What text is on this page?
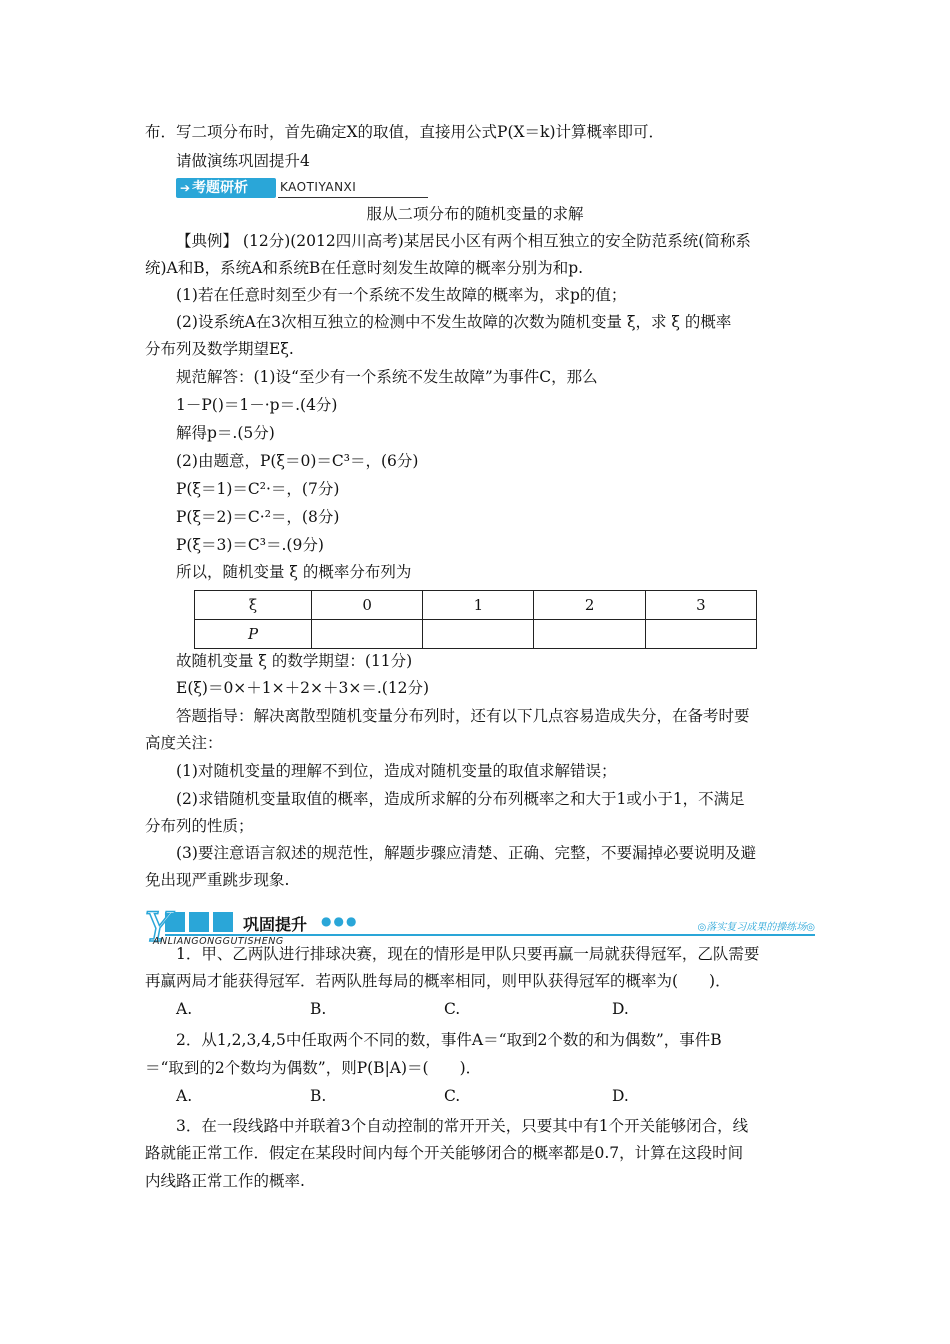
布．写二项分布时，首先确定X的取值，直接用公式P(X＝k)计算概率即可．
请做演练巩固提升4
➔ 考题研析	KAOTIYANXI
服从二项分布的随机变量的求解
【典例】 (12分)(2012四川高考)某居民小区有两个相互独立的安全防范系统(简称系
统)A和B，系统A和系统B在任意时刻发生故障的概率分别为和p.
(1)若在任意时刻至少有一个系统不发生故障的概率为，求p的值；
(2)设系统A在3次相互独立的检测中不发生故障的次数为随机变量 ξ，求 ξ 的概率
分布列及数学期望Eξ.
规范解答：(1)设“至少有一个系统不发生故障”为事件C，那么
1－P()＝1－·p＝.(4分)
解得p＝.(5分)
(2)由题意，P(ξ＝0)＝C³＝，(6分)
P(ξ＝1)＝C²·＝，(7分)
P(ξ＝2)＝C·²＝，(8分)
P(ξ＝3)＝C³＝.(9分)
所以，随机变量 ξ 的概率分布列为
ξ	0	1	2	3
P				
故随机变量 ξ 的数学期望：(11分)
E(ξ)＝0×＋1×＋2×＋3×＝.(12分)
答题指导：解决离散型随机变量分布列时，还有以下几点容易造成失分，在备考时要
高度关注：
(1)对随机变量的理解不到位，造成对随机变量的取值求解错误；
(2)求错随机变量取值的概率，造成所求解的分布列概率之和大于1或小于1，不满足
分布列的性质；
(3)要注意语言叙述的规范性，解题步骤应清楚、正确、完整，不要漏掉必要说明及避
免出现严重跳步现象.
Y	巩固提升 ●●●	◎落实复习成果的操练场◎
ANLIANGONGGUTISHENG
1．甲、乙两队进行排球决赛，现在的情形是甲队只要再赢一局就获得冠军，乙队需要
再赢两局才能获得冠军．若两队胜每局的概率相同，则甲队获得冠军的概率为(　　)．
A.	B.	C.	D.
2．从1,2,3,4,5中任取两个不同的数，事件A＝“取到2个数的和为偶数”，事件B
＝“取到的2个数均为偶数”，则P(B|A)＝(　　)．
A.	B.	C.	D.
3．在一段线路中并联着3个自动控制的常开开关，只要其中有1个开关能够闭合，线
路就能正常工作．假定在某段时间内每个开关能够闭合的概率都是0.7，计算在这段时间
内线路正常工作的概率.
